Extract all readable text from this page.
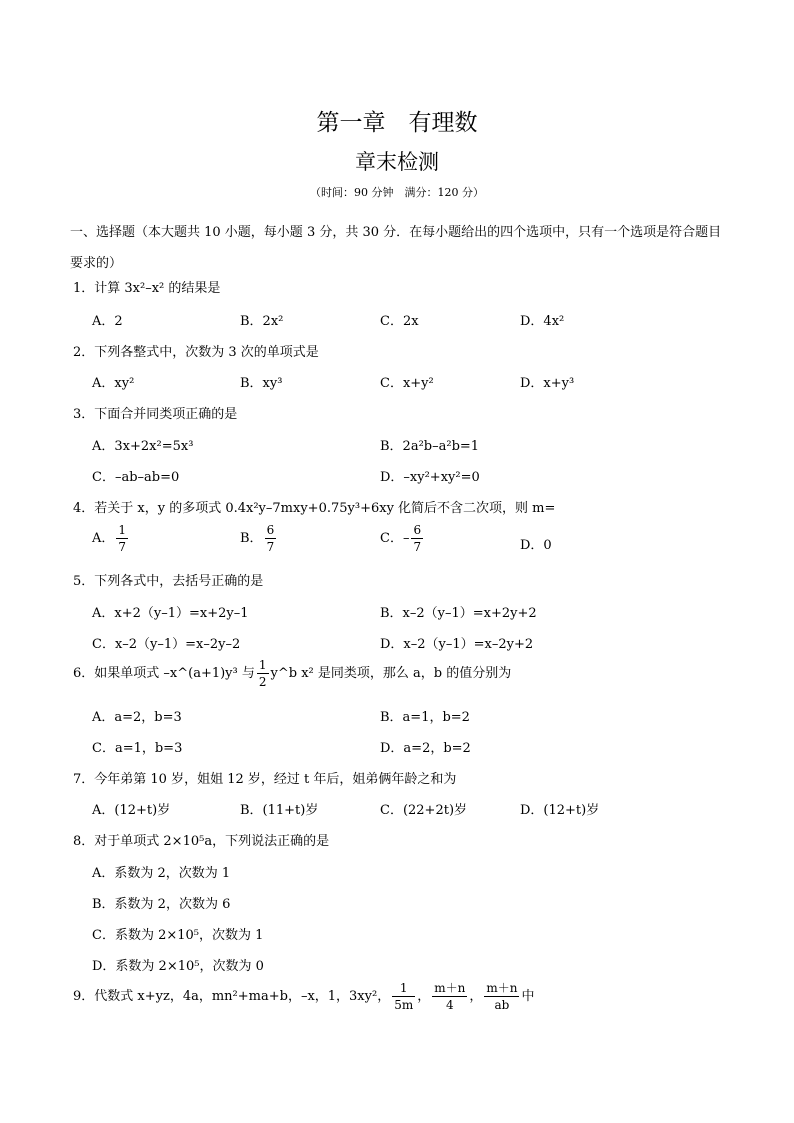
第一章　有理数
章末检测
（时间：90 分钟　满分：120 分）
一、选择题（本大题共 10 小题，每小题 3 分，共 30 分．在每小题给出的四个选项中，只有一个选项是符合题目要求的）
1．计算 3x²–x² 的结果是
A．2	B．2x²	C．2x	D．4x²
2．下列各整式中，次数为 3 次的单项式是
A．xy²	B．xy³	C．x+y²	D．x+y³
3．下面合并同类项正确的是
A．3x+2x²=5x³	B．2a²b–a²b=1
C．–ab–ab=0	D．–xy²+xy²=0
4．若关于 x，y 的多项式 0.4x²y–7mxy+0.75y³+6xy 化简后不含二次项，则 m=
A． $\frac{1}{7}$	B． $\frac{6}{7}$	C．– $\frac{6}{7}$	D．0
5．下列各式中，去括号正确的是
A．x+2（y–1）=x+2y–1	B．x–2（y–1）=x+2y+2
C．x–2（y–1）=x–2y–2	D．x–2（y–1）=x–2y+2
6．如果单项式 –x^(a+1)y³ 与 $\frac{1}{2}$ y^b x² 是同类项，那么 a，b 的值分别为
A．a=2，b=3	B．a=1，b=2
C．a=1，b=3	D．a=2，b=2
7．今年弟第 10 岁，姐姐 12 岁，经过 t 年后，姐弟俩年龄之和为
A．(12+t)岁	B．(11+t)岁	C．(22+2t)岁	D．(12+t)岁
8．对于单项式 2×10⁵a，下列说法正确的是
A．系数为 2，次数为 1
B．系数为 2，次数为 6
C．系数为 2×10⁵，次数为 1
D．系数为 2×10⁵，次数为 0
9．代数式 x+yz，4a，mn²+ma+b，–x，1，3xy²， $\frac{1}{5m}$ ， $\frac{m+n}{4}$ ， $\frac{m+n}{ab}$ 中
